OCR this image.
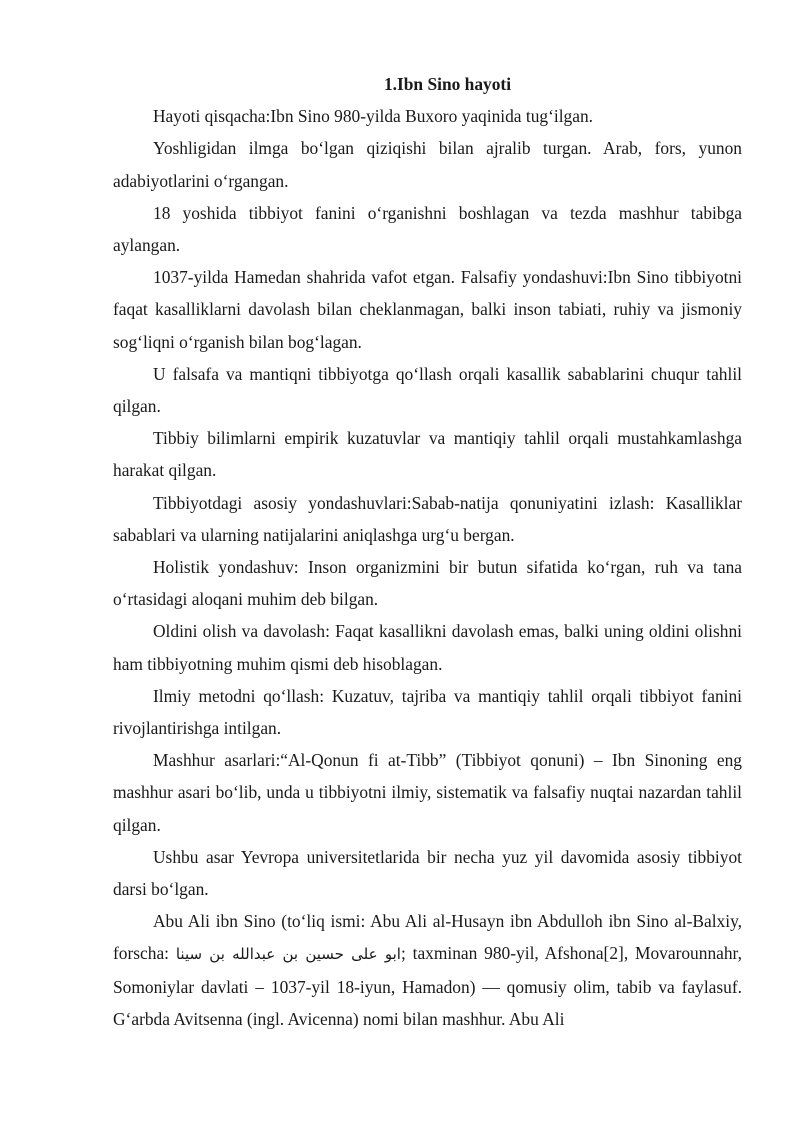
1.Ibn Sino hayoti

Hayoti qisqacha:Ibn Sino 980-yilda Buxoro yaqinida tug‘ilgan.

Yoshligidan ilmga bo‘lgan qiziqishi bilan ajralib turgan. Arab, fors, yunon adabiyotlarini o‘rgangan.

18 yoshida tibbiyot fanini o‘rganishni boshlagan va tezda mashhur tabibga aylangan.

1037-yilda Hamedan shahrida vafot etgan. Falsafiy yondashuvi:Ibn Sino tibbiyotni faqat kasalliklarni davolash bilan cheklanmagan, balki inson tabiati, ruhiy va jismoniy sog‘liqni o‘rganish bilan bog‘lagan.

U falsafa va mantiqni tibbiyotga qo‘llash orqali kasallik sabablarini chuqur tahlil qilgan.

Tibbiy bilimlarni empirik kuzatuvlar va mantiqiy tahlil orqali mustahkamlashga harakat qilgan.

Tibbiyotdagi asosiy yondashuvlari:Sabab-natija qonuniyatini izlash: Kasalliklar sabablari va ularning natijalarini aniqlashga urg‘u bergan.

Holistik yondashuv: Inson organizmini bir butun sifatida ko‘rgan, ruh va tana o‘rtasidagi aloqani muhim deb bilgan.

Oldini olish va davolash: Faqat kasallikni davolash emas, balki uning oldini olishni ham tibbiyotning muhim qismi deb hisoblagan.

Ilmiy metodni qo‘llash: Kuzatuv, tajriba va mantiqiy tahlil orqali tibbiyot fanini rivojlantirishga intilgan.

Mashhur asarlari:“Al-Qonun fi at-Tibb” (Tibbiyot qonuni) – Ibn Sinoning eng mashhur asari bo‘lib, unda u tibbiyotni ilmiy, sistematik va falsafiy nuqtai nazardan tahlil qilgan.

Ushbu asar Yevropa universitetlarida bir necha yuz yil davomida asosiy tibbiyot darsi bo‘lgan.

Abu Ali ibn Sino (to‘liq ismi: Abu Ali al-Husayn ibn Abdulloh ibn Sino al-Balxiy, forscha: ابو علی حسین بن عبدالله بن سینا; taxminan 980-yil, Afshona[2], Movarounnahr, Somoniylar davlati – 1037-yil 18-iyun, Hamadon) — qomusiy olim, tabib va faylasuf. G‘arbda Avitsenna (ingl. Avicenna) nomi bilan mashhur. Abu Ali
